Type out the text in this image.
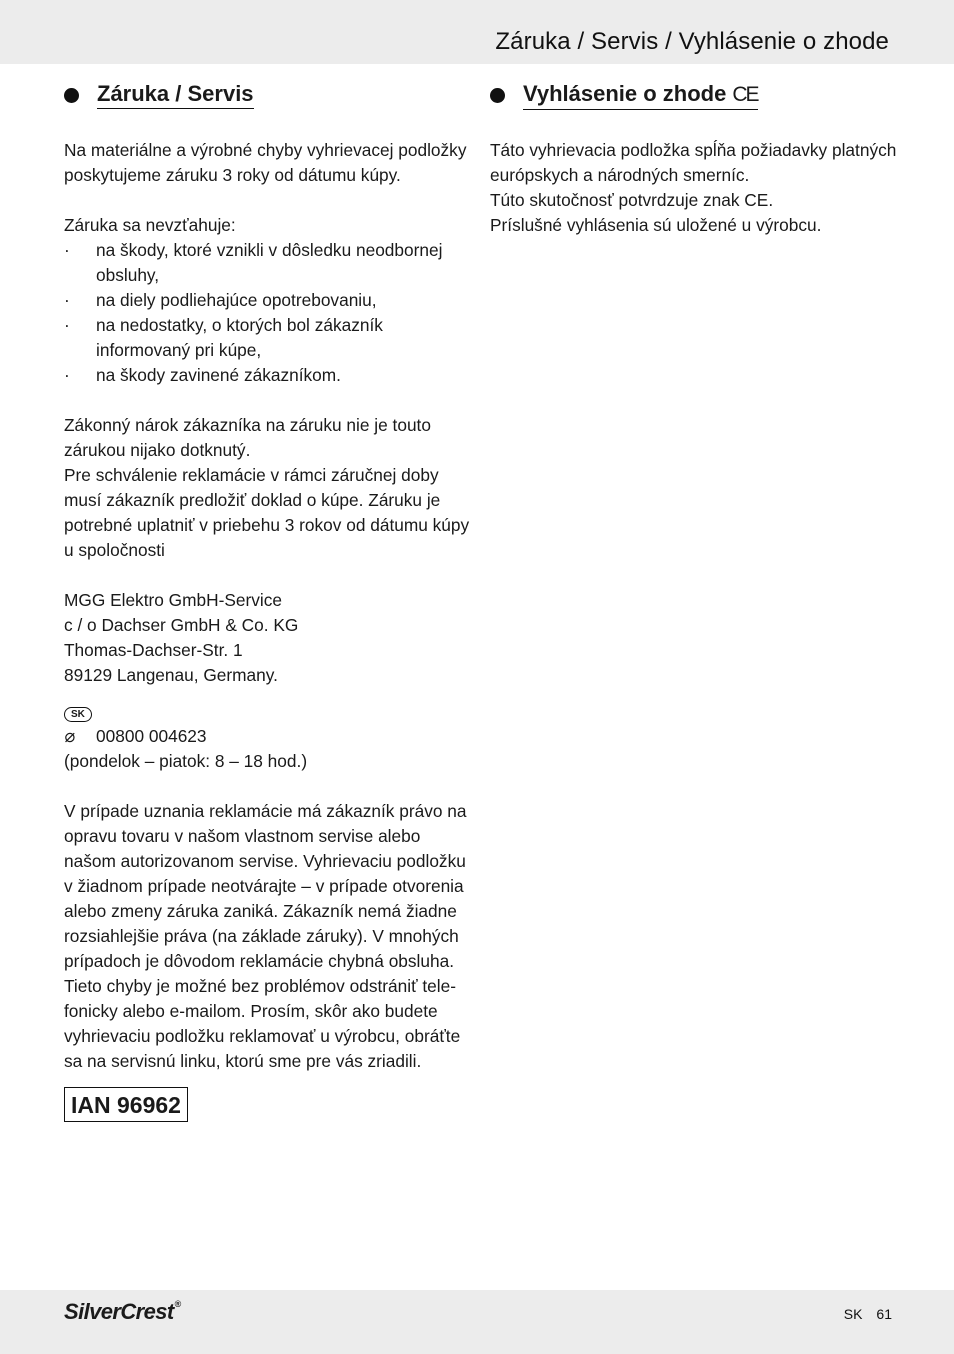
Záruka / Servis / Vyhlásenie o zhode
Záruka / Servis

Na materiálne a výrobné chyby vyhrievacej podložky poskytujeme záruku 3 roky od dátumu kúpy.

Záruka sa nevzťahuje:

· na škody, ktoré vznikli v dôsledku neodbornej obsluhy,
· na diely podliehajúce opotrebovaniu,
· na nedostatky, o ktorých bol zákazník informovaný pri kúpe,
· na škody zavinené zákazníkom.

Zákonný nárok zákazníka na záruku nie je touto zárukou nijako dotknutý.

Pre schválenie reklamácie v rámci záručnej doby musí zákazník predložiť doklad o kúpe. Záruku je potrebné uplatniť v priebehu 3 rokov od dátumu kúpy u spoločnosti

MGG Elektro GmbH-Service

c / o Dachser GmbH & Co. KG

Thomas-Dachser-Str. 1

89129 Langenau, Germany.

SK
⌀	00800 004623

(pondelok – piatok: 8 – 18 hod.)

V prípade uznania reklamácie má zákazník právo na opravu tovaru v našom vlastnom servise alebo našom autorizovanom servise. Vyhrievaciu podložku v žiadnom prípade neotvárajte – v prípade otvorenia alebo zmeny záruka zaniká. Zákazník nemá žiadne rozsiahlejšie práva (na základe záruky). V mnohých prípadoch je dôvodom reklamácie chybná obsluha. Tieto chyby je možné bez problémov odstrániť tele-fonicky alebo e-mailom. Prosím, skôr ako budete vyhrievaciu podložku reklamovať u výrobcu, obráťte sa na servisnú linku, ktorú sme pre vás zriadili.

IAN 96962
Vyhlásenie o zhode CE

Táto vyhrievacia podložka spĺňa požiadavky platných európskych a národných smerníc.

Túto skutočnosť potvrdzuje znak CE.

Príslušné vyhlásenia sú uložené u výrobcu.

SilverCrest®
SK 61
